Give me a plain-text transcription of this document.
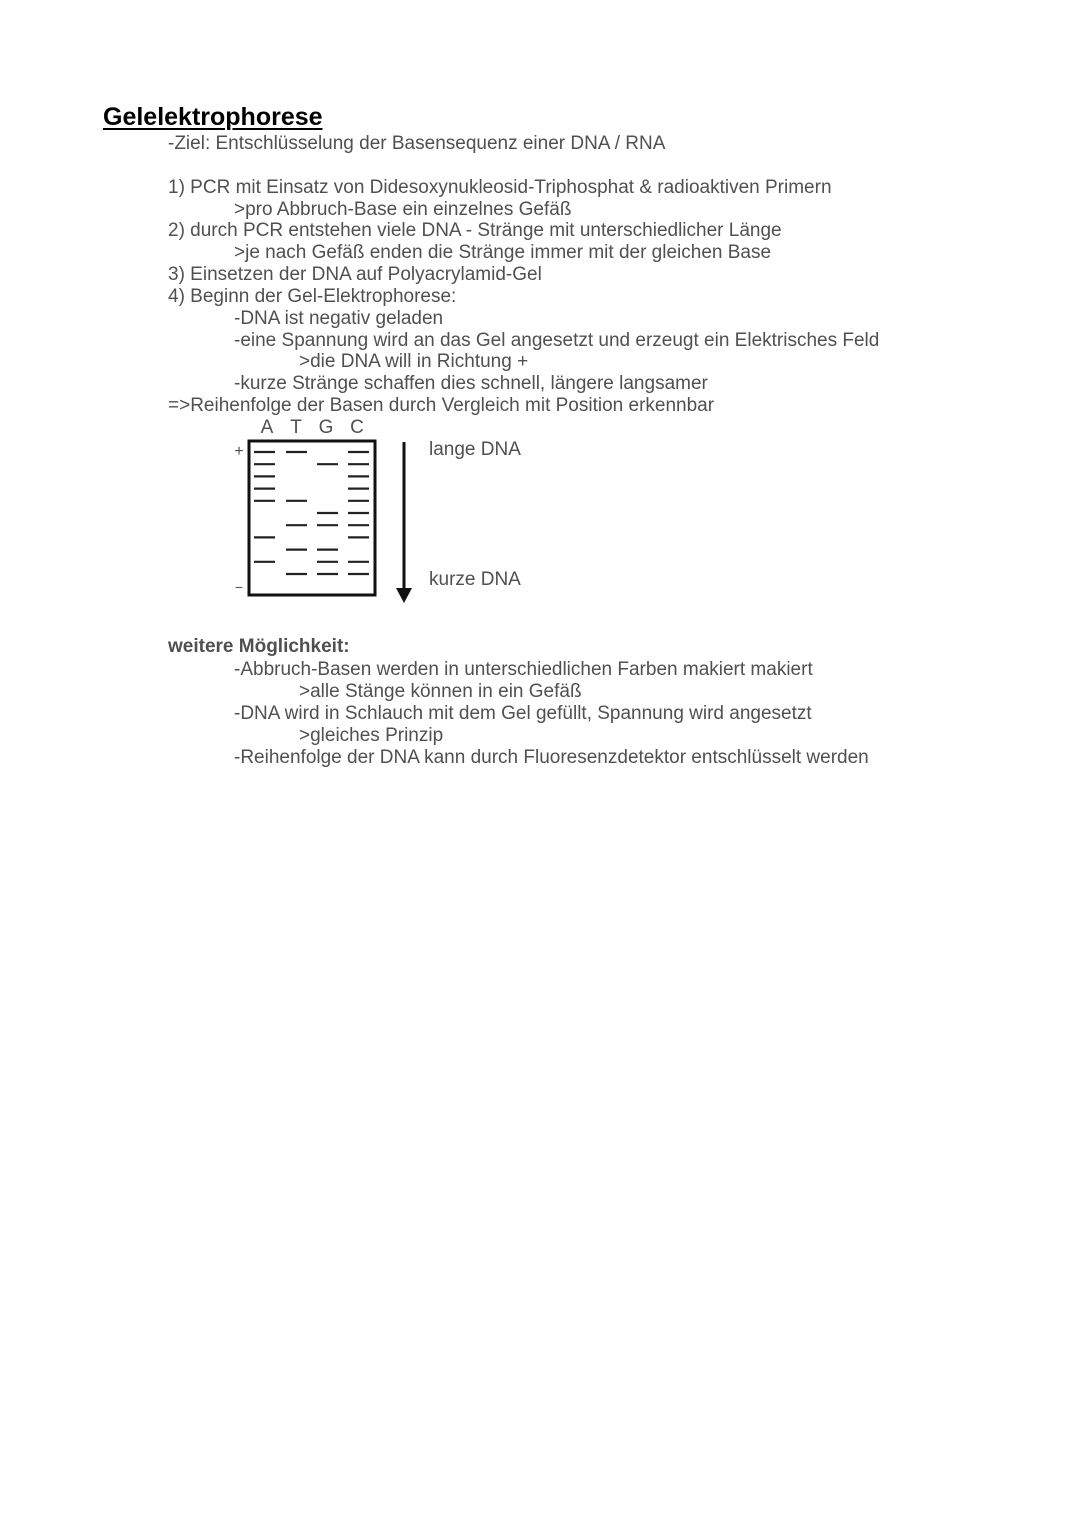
Gelelektrophorese
-Ziel: Entschlüsselung der Basensequenz einer DNA / RNA
1) PCR mit Einsatz von Didesoxynukleosid-Triphosphat & radioaktiven Primern
>pro Abbruch-Base ein einzelnes Gefäß
2) durch PCR entstehen viele DNA - Stränge mit unterschiedlicher Länge
>je nach Gefäß enden die Stränge immer mit der gleichen Base
3) Einsetzen der DNA auf Polyacrylamid-Gel
4) Beginn der Gel-Elektrophorese:
-DNA ist negativ geladen
-eine Spannung wird an das Gel angesetzt und erzeugt ein Elektrisches Feld
>die DNA will in Richtung +
-kurze Stränge schaffen dies schnell, längere langsamer
=>Reihenfolge der Basen durch Vergleich mit Position erkennbar
A T G C
+
−
lange DNA
kurze DNA
weitere Möglichkeit:
-Abbruch-Basen werden in unterschiedlichen Farben makiert makiert
>alle Stänge können in ein Gefäß
-DNA wird in Schlauch mit dem Gel gefüllt, Spannung wird angesetzt
>gleiches Prinzip
-Reihenfolge der DNA kann durch Fluoresenzdetektor entschlüsselt werden
